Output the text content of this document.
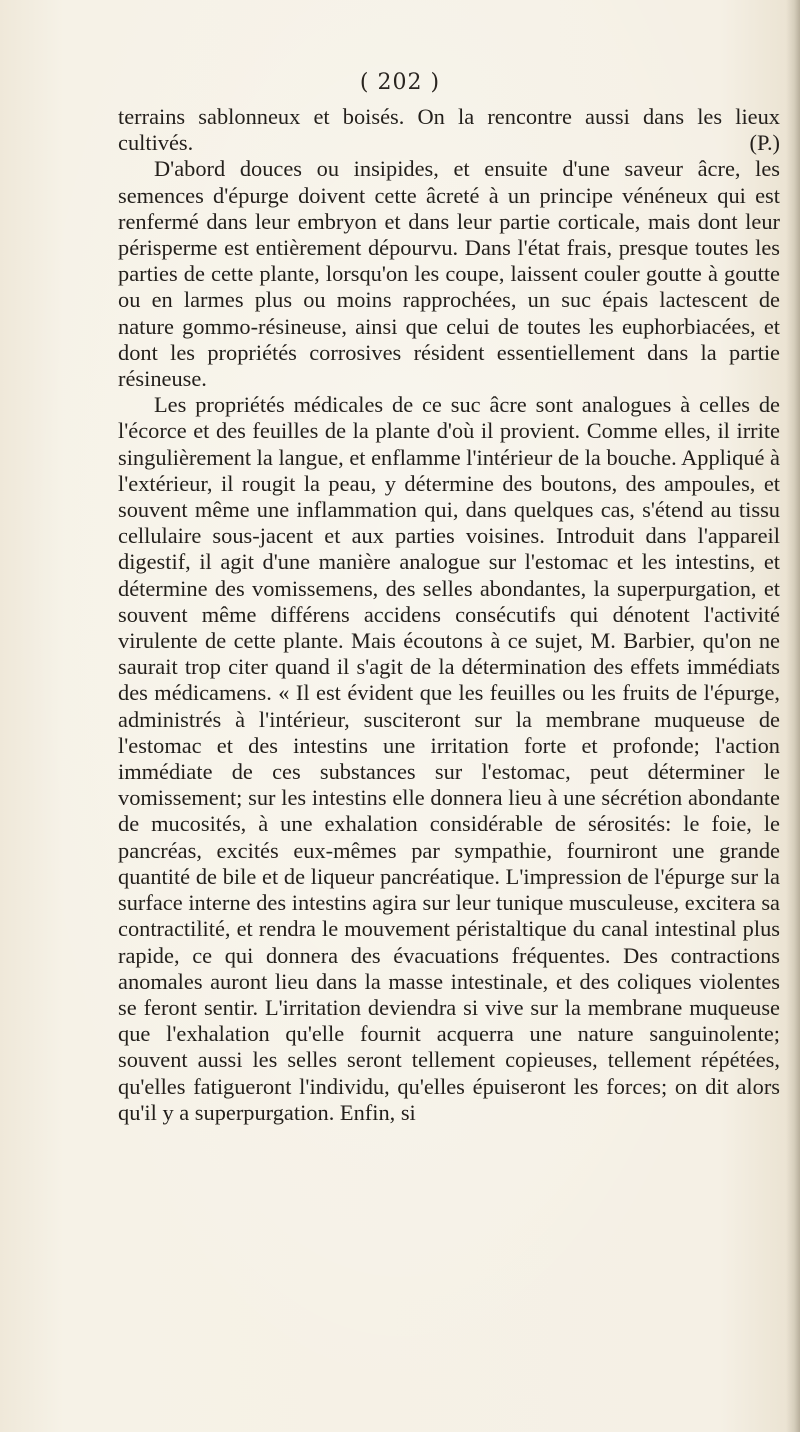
( 202 )

terrains sablonneux et boisés. On la rencontre aussi dans les lieux cultivés.	(P.)

D'abord douces ou insipides, et ensuite d'une saveur âcre, les semences d'épurge doivent cette âcreté à un principe vénéneux qui est renfermé dans leur embryon et dans leur partie corticale, mais dont leur périsperme est entièrement dépourvu. Dans l'état frais, presque toutes les parties de cette plante, lorsqu'on les coupe, laissent couler goutte à goutte ou en larmes plus ou moins rapprochées, un suc épais lactescent de nature gommo-résineuse, ainsi que celui de toutes les euphorbiacées, et dont les propriétés corrosives résident essentiellement dans la partie résineuse.

Les propriétés médicales de ce suc âcre sont analogues à celles de l'écorce et des feuilles de la plante d'où il provient. Comme elles, il irrite singulièrement la langue, et enflamme l'intérieur de la bouche. Appliqué à l'extérieur, il rougit la peau, y détermine des boutons, des ampoules, et souvent même une inflammation qui, dans quelques cas, s'étend au tissu cellulaire sous-jacent et aux parties voisines. Introduit dans l'appareil digestif, il agit d'une manière analogue sur l'estomac et les intestins, et détermine des vomissemens, des selles abondantes, la superpurgation, et souvent même différens accidens consécutifs qui dénotent l'activité virulente de cette plante. Mais écoutons à ce sujet, M. Barbier, qu'on ne saurait trop citer quand il s'agit de la détermination des effets immédiats des médicamens. « Il est évident que les feuilles ou les fruits de l'épurge, administrés à l'intérieur, susciteront sur la membrane muqueuse de l'estomac et des intestins une irritation forte et profonde; l'action immédiate de ces substances sur l'estomac, peut déterminer le vomissement; sur les intestins elle donnera lieu à une sécrétion abondante de mucosités, à une exhalation considérable de sérosités: le foie, le pancréas, excités eux-mêmes par sympathie, fourniront une grande quantité de bile et de liqueur pancréatique. L'impression de l'épurge sur la surface interne des intestins agira sur leur tunique musculeuse, excitera sa contractilité, et rendra le mouvement péristaltique du canal intestinal plus rapide, ce qui donnera des évacuations fréquentes. Des contractions anomales auront lieu dans la masse intestinale, et des coliques violentes se feront sentir. L'irritation deviendra si vive sur la membrane muqueuse que l'exhalation qu'elle fournit acquerra une nature sanguinolente; souvent aussi les selles seront tellement copieuses, tellement répétées, qu'elles fatigueront l'individu, qu'elles épuiseront les forces; on dit alors qu'il y a superpurgation. Enfin, si
